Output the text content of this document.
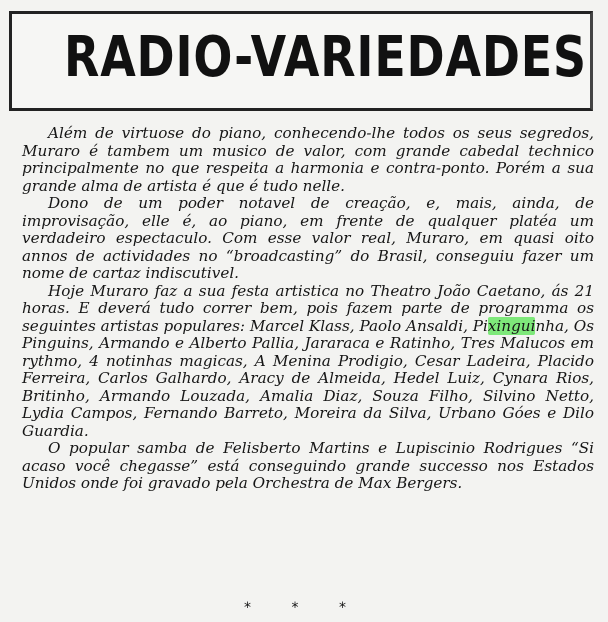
RADIO-VARIEDADES

Além de virtuose do piano, conhecendo-lhe todos os seus segredos, Muraro é tambem um musico de valor, com grande cabedal technico principalmente no que respeita a harmonia e contra-ponto. Porém a sua grande alma de artista é que é tudo nelle.

Dono de um poder notavel de creação, e, mais, ainda, de improvisação, elle é, ao piano, em frente de qualquer platéa um verdadeiro espectaculo. Com esse valor real, Muraro, em quasi oito annos de actividades no “broadcasting” do Brasil, conseguiu fazer um nome de cartaz indiscutivel.

Hoje Muraro faz a sua festa artistica no Theatro João Caetano, ás 21 horas. E deverá tudo correr bem, pois fazem parte de programma os seguintes artistas populares: Marcel Klass, Paolo Ansaldi, Pixinguinha, Os Pinguins, Armando e Alberto Pallia, Jararaca e Ratinho, Tres Malucos em rythmo, 4 notinhas magicas, A Menina Prodigio, Cesar Ladeira, Placido Ferreira, Carlos Galhardo, Aracy de Almeida, Hedel Luiz, Cynara Rios, Britinho, Armando Louzada, Amalia Diaz, Souza Filho, Silvino Netto, Lydia Campos, Fernando Barreto, Moreira da Silva, Urbano Góes e Dilo Guardia.

O popular samba de Felisberto Martins e Lupiscinio Rodrigues “Si acaso você chegasse” está conseguindo grande successo nos Estados Unidos onde foi gravado pela Orchestra de Max Bergers.

* * *
